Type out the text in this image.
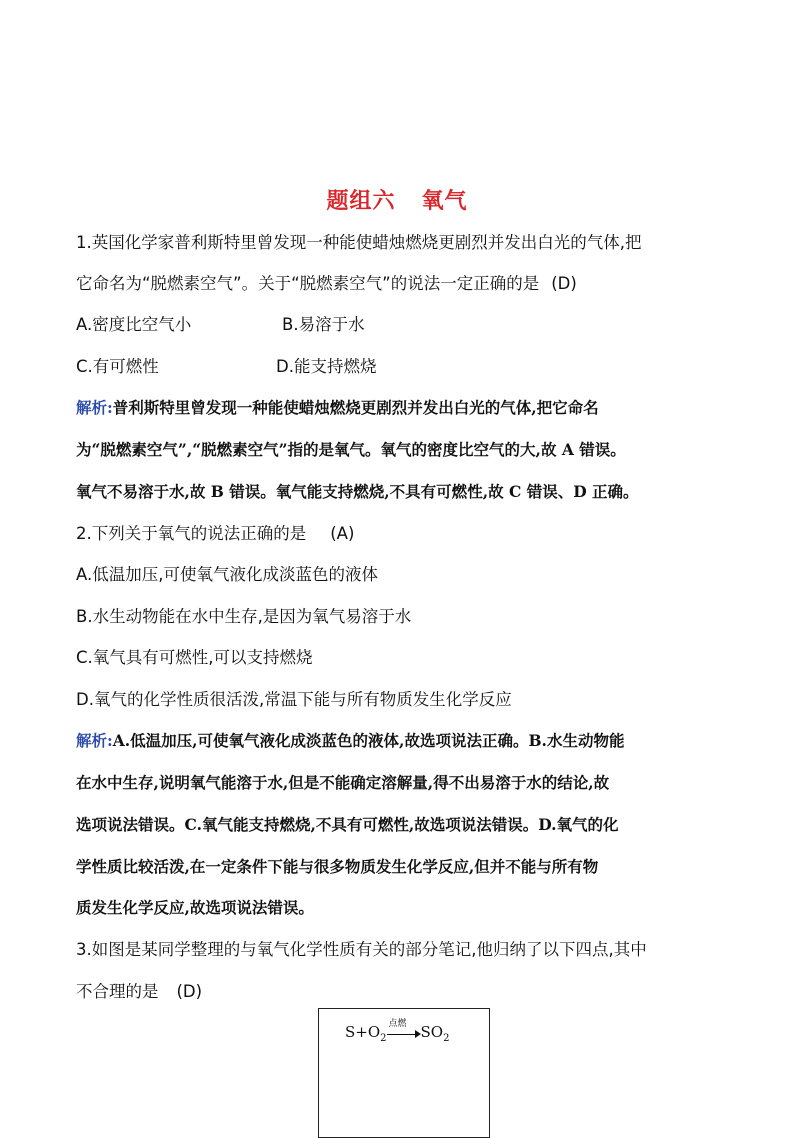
题组六 氧气
1.英国化学家普利斯特里曾发现一种能使蜡烛燃烧更剧烈并发出白光的气体,把
它命名为“脱燃素空气”。关于“脱燃素空气”的说法一定正确的是 (D)
A.密度比空气小	B.易溶于水
C.有可燃性	D.能支持燃烧
解析:普利斯特里曾发现一种能使蜡烛燃烧更剧烈并发出白光的气体,把它命名
为“脱燃素空气”,“脱燃素空气”指的是氧气。氧气的密度比空气的大,故 A 错误。
氧气不易溶于水,故 B 错误。氧气能支持燃烧,不具有可燃性,故 C 错误、D 正确。
2.下列关于氧气的说法正确的是 (A)
A.低温加压,可使氧气液化成淡蓝色的液体
B.水生动物能在水中生存,是因为氧气易溶于水
C.氧气具有可燃性,可以支持燃烧
D.氧气的化学性质很活泼,常温下能与所有物质发生化学反应
解析:A.低温加压,可使氧气液化成淡蓝色的液体,故选项说法正确。B.水生动物能
在水中生存,说明氧气能溶于水,但是不能确定溶解量,得不出易溶于水的结论,故
选项说法错误。C.氧气能支持燃烧,不具有可燃性,故选项说法错误。D.氧气的化
学性质比较活泼,在一定条件下能与很多物质发生化学反应,但并不能与所有物
质发生化学反应,故选项说法错误。
3.如图是某同学整理的与氧气化学性质有关的部分笔记,他归纳了以下四点,其中
不合理的是 (D)
$S+O_2$
点燃 $SO_2$
